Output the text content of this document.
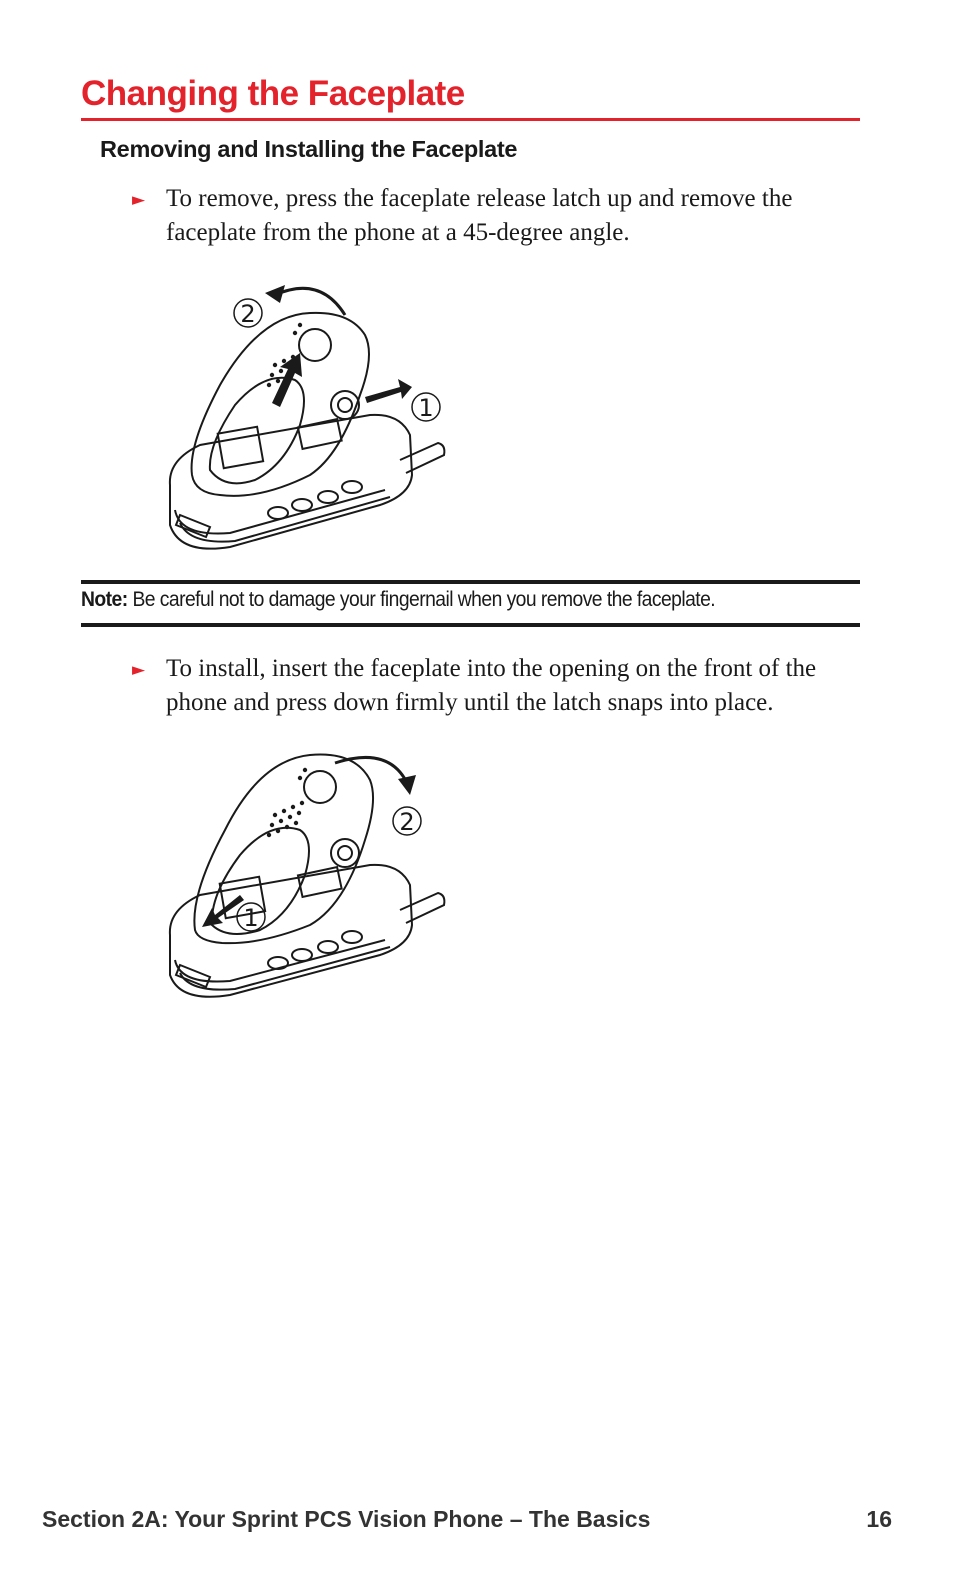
Changing the Faceplate
Removing and Installing the Faceplate
► To remove, press the faceplate release latch up and remove the faceplate from the phone at a 45-degree angle.
2
1
Note: Be careful not to damage your fingernail when you remove the faceplate.
► To install, insert the faceplate into the opening on the front of the phone and press down firmly until the latch snaps into place.
2
1
Section 2A: Your Sprint PCS Vision Phone – The Basics	16
